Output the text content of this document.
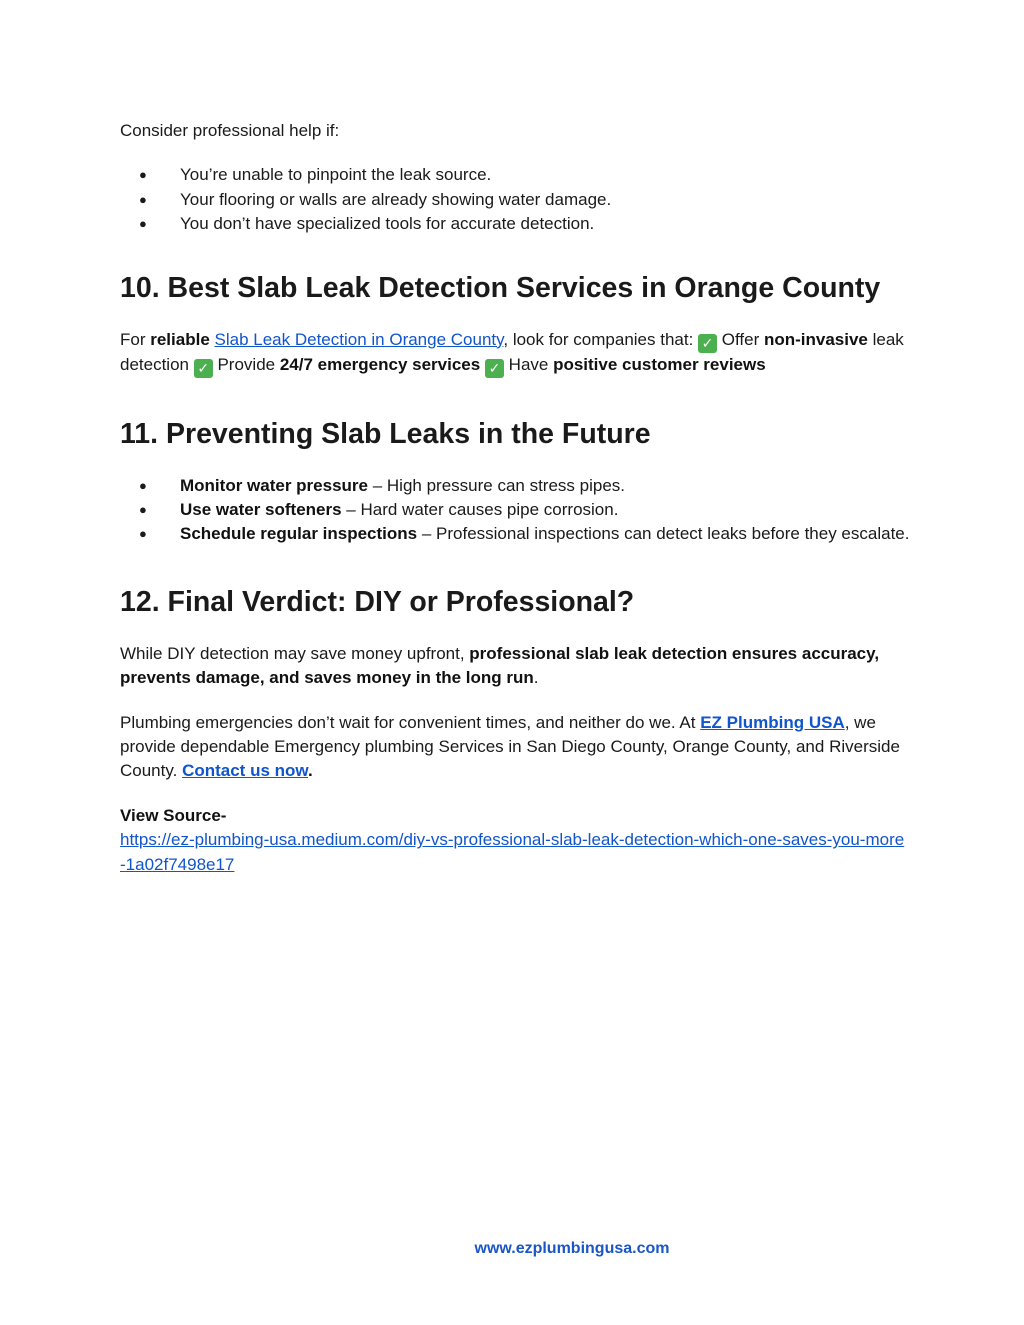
Consider professional help if:

● You’re unable to pinpoint the leak source.
● Your flooring or walls are already showing water damage.
● You don’t have specialized tools for accurate detection.
10. Best Slab Leak Detection Services in Orange County

For reliable Slab Leak Detection in Orange County, look for companies that: ✓ Offer non-invasive leak detection ✓ Provide 24/7 emergency services ✓ Have positive customer reviews

11. Preventing Slab Leaks in the Future
● Monitor water pressure – High pressure can stress pipes.
● Use water softeners – Hard water causes pipe corrosion.
● Schedule regular inspections – Professional inspections can detect leaks before they escalate.
12. Final Verdict: DIY or Professional?

While DIY detection may save money upfront, professional slab leak detection ensures accuracy, prevents damage, and saves money in the long run.

Plumbing emergencies don’t wait for convenient times, and neither do we. At EZ Plumbing USA, we provide dependable Emergency plumbing Services in San Diego County, Orange County, and Riverside County. Contact us now.

View Source-
https://ez-plumbing-usa.medium.com/diy-vs-professional-slab-leak-detection-which-one-saves-you-more-1a02f7498e17
www.ezplumbingusa.com
